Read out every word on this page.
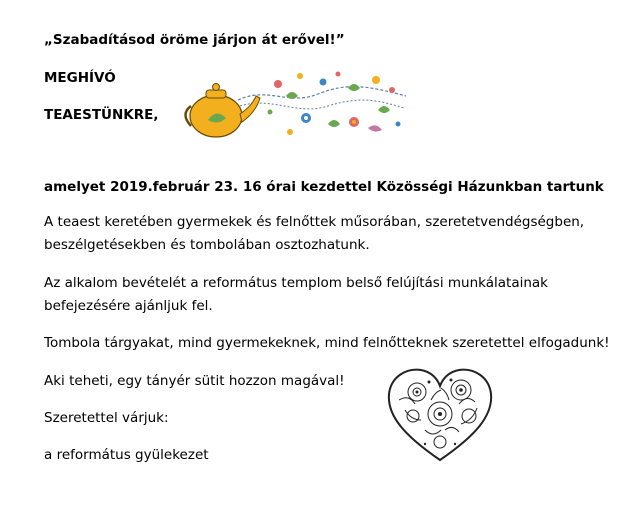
„Szabadításod öröme járjon át erővel!”
MEGHÍVÓ
TEAESTÜNKRE,
amelyet 2019.február 23. 16 órai kezdettel Közösségi Házunkban tartunk
A teaest keretében gyermekek és felnőttek műsorában, szeretetvendégségben,
beszélgetésekben és tombolában osztozhatunk.
Az alkalom bevételét a református templom belső felújítási munkálatainak
befejezésére ajánljuk fel.
Tombola tárgyakat, mind gyermekeknek, mind felnőtteknek szeretettel elfogadunk!
Aki teheti, egy tányér sütit hozzon magával!
Szeretettel várjuk:
a református gyülekezet
